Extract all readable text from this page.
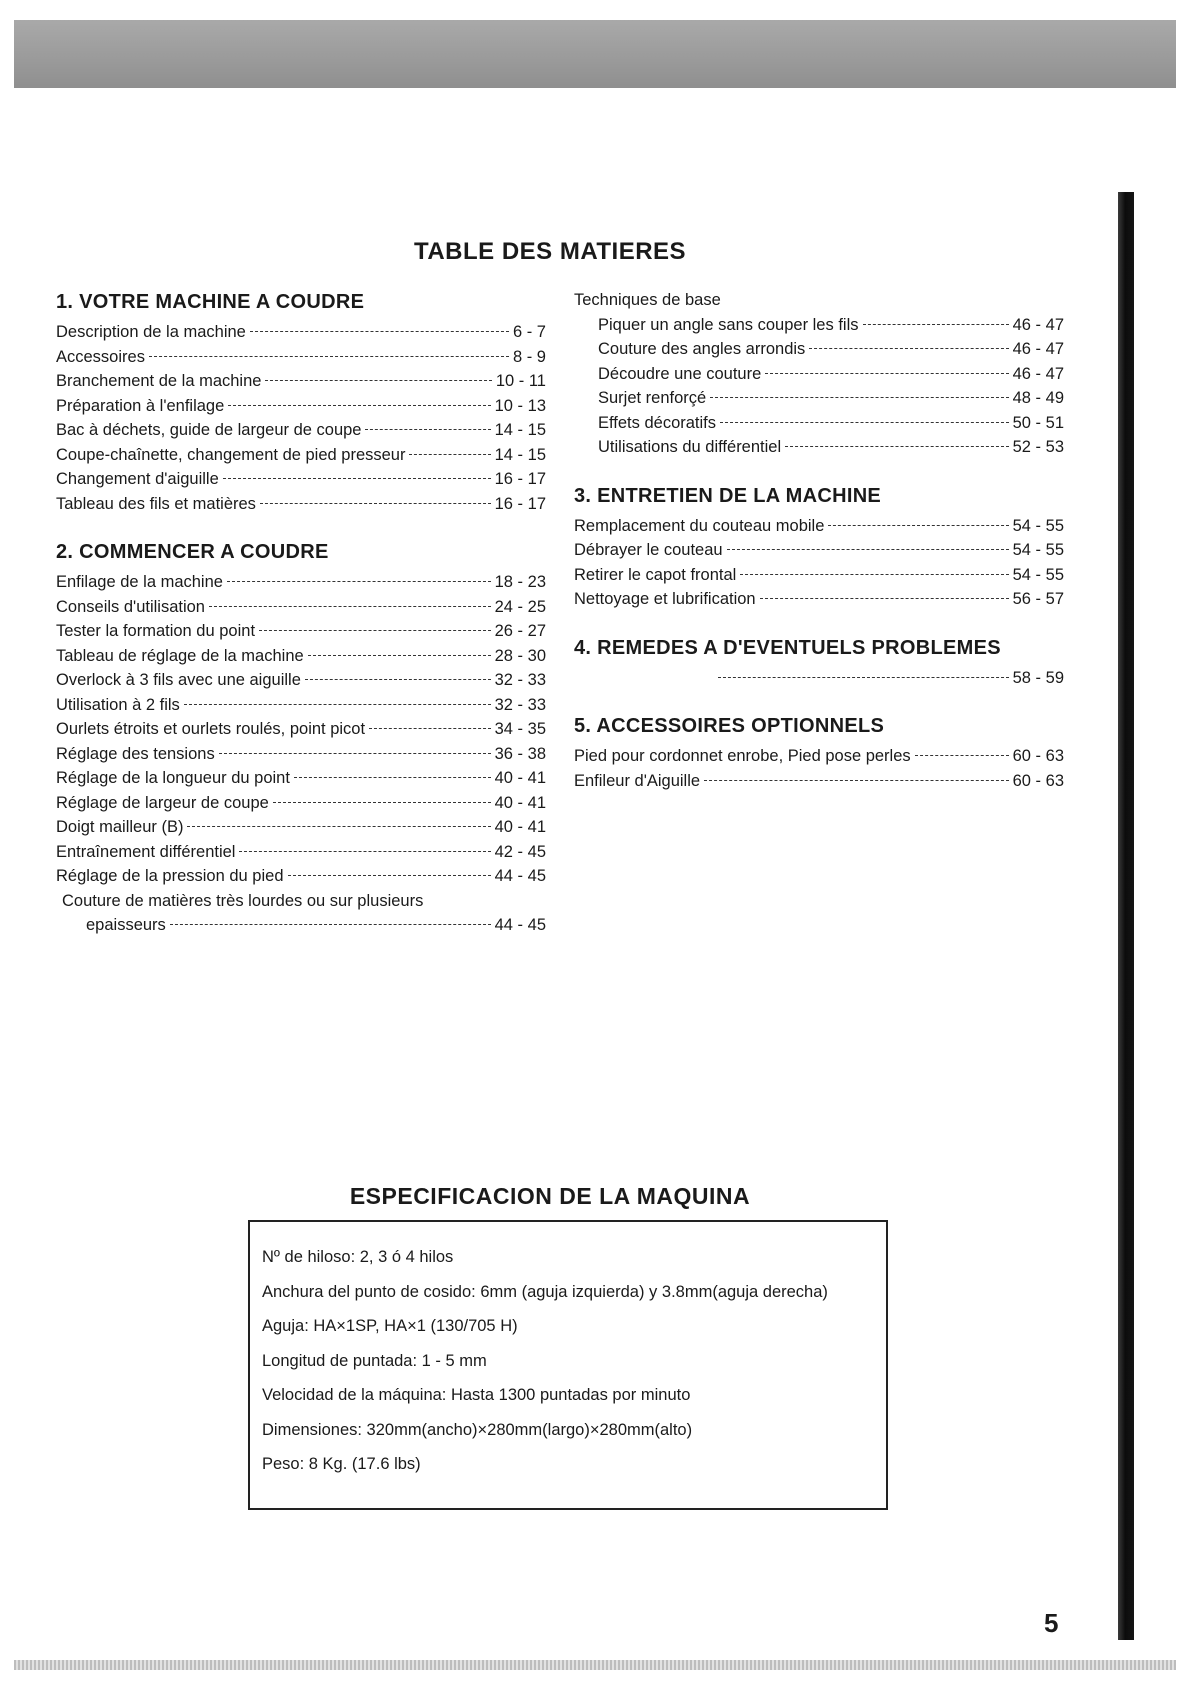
TABLE DES MATIERES
1. VOTRE MACHINE A COUDRE
Description de la machine	6 - 7
Accessoires	8 - 9
Branchement de la machine	10 - 11
Préparation à l'enfilage	10 - 13
Bac à déchets, guide de largeur de coupe	14 - 15
Coupe-chaînette, changement de pied presseur	14 - 15
Changement d'aiguille	16 - 17
Tableau des fils et matières	16 - 17
2. COMMENCER A COUDRE
Enfilage de la machine	18 - 23
Conseils d'utilisation	24 - 25
Tester la formation du point	26 - 27
Tableau de réglage de la machine	28 - 30
Overlock à 3 fils avec une aiguille	32 - 33
Utilisation à 2 fils	32 - 33
Ourlets étroits et ourlets roulés, point picot	34 - 35
Réglage des tensions	36 - 38
Réglage de la longueur du point	40 - 41
Réglage de largeur de coupe	40 - 41
Doigt mailleur (B)	40 - 41
Entraînement différentiel	42 - 45
Réglage de la pression du pied	44 - 45
Couture de matières très lourdes ou sur plusieurs
epaisseurs	44 - 45
Techniques de base
Piquer un angle sans couper les fils	46 - 47
Couture des angles arrondis	46 - 47
Découdre une couture	46 - 47
Surjet renforçé	48 - 49
Effets décoratifs	50 - 51
Utilisations du différentiel	52 - 53
3. ENTRETIEN DE LA MACHINE
Remplacement du couteau mobile	54 - 55
Débrayer le couteau	54 - 55
Retirer le capot frontal	54 - 55
Nettoyage et lubrification	56 - 57
4. REMEDES A D'EVENTUELS PROBLEMES
58 - 59
5. ACCESSOIRES OPTIONNELS
Pied pour cordonnet enrobe, Pied pose perles	60 - 63
Enfileur d'Aiguille	60 - 63
ESPECIFICACION DE LA MAQUINA
Nº de hiloso: 2, 3 ó 4 hilos
Anchura del punto de cosido: 6mm (aguja izquierda) y 3.8mm(aguja derecha)
Aguja: HA×1SP, HA×1 (130/705 H)
Longitud de puntada: 1 - 5 mm
Velocidad de la máquina: Hasta 1300 puntadas por minuto
Dimensiones: 320mm(ancho)×280mm(largo)×280mm(alto)
Peso: 8 Kg. (17.6 lbs)
5
